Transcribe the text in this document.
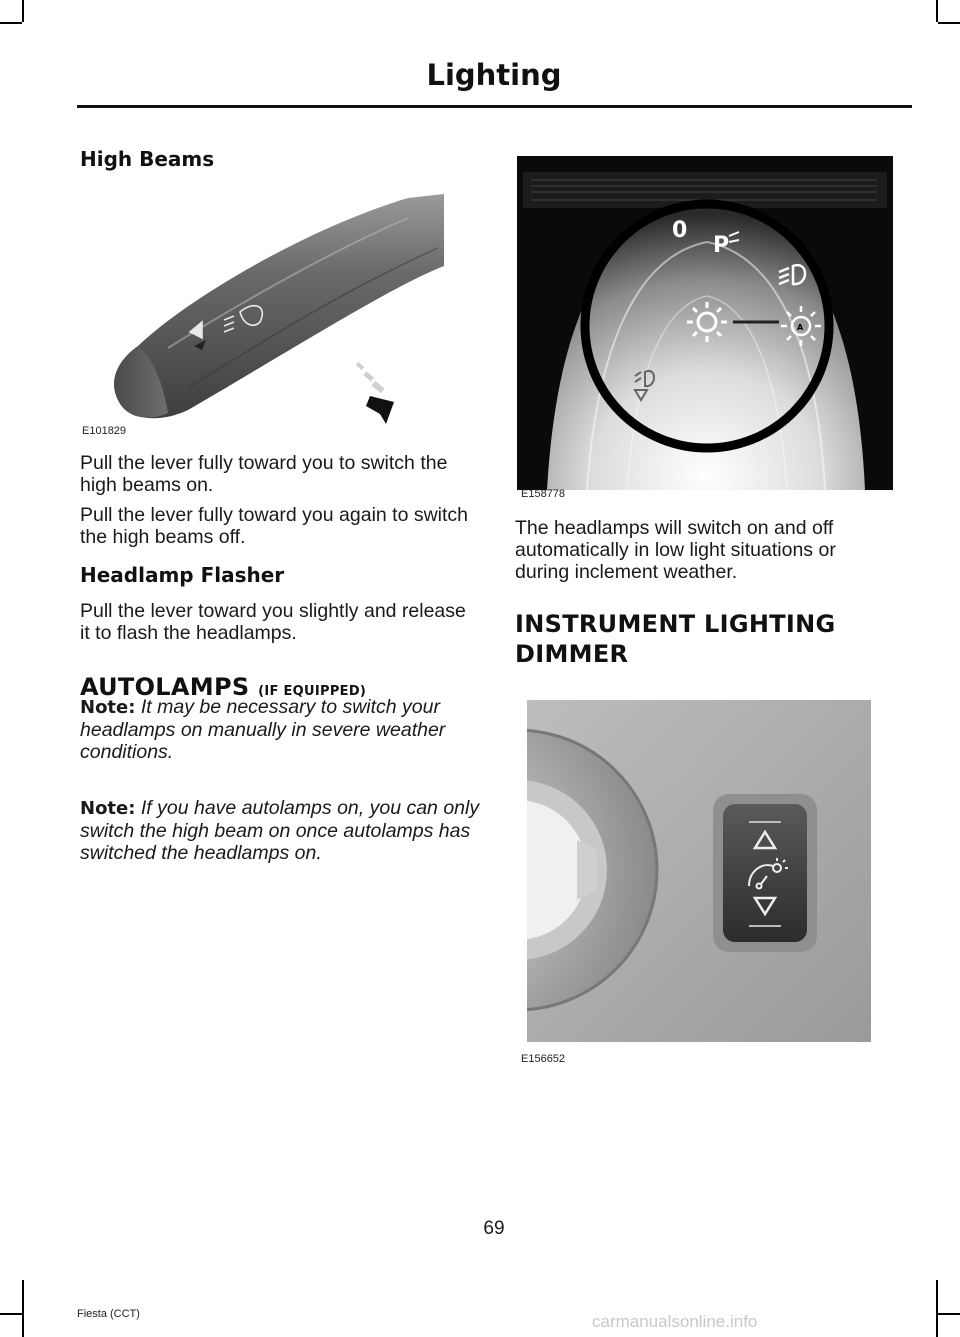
Lighting
High Beams
E101829
Pull the lever fully toward you to switch the high beams on.
Pull the lever fully toward you again to switch the high beams off.
Headlamp Flasher
Pull the lever toward you slightly and release it to flash the headlamps.
AUTOLAMPS (IF EQUIPPED)
Note: It may be necessary to switch your headlamps on manually in severe weather conditions.
Note: If you have autolamps on, you can only switch the high beam on once autolamps has switched the headlamps on.
A
0
P
E158778
The headlamps will switch on and off automatically in low light situations or during inclement weather.
INSTRUMENT LIGHTING
DIMMER
E156652
69
Fiesta (CCT)	carmanualsonline.info
